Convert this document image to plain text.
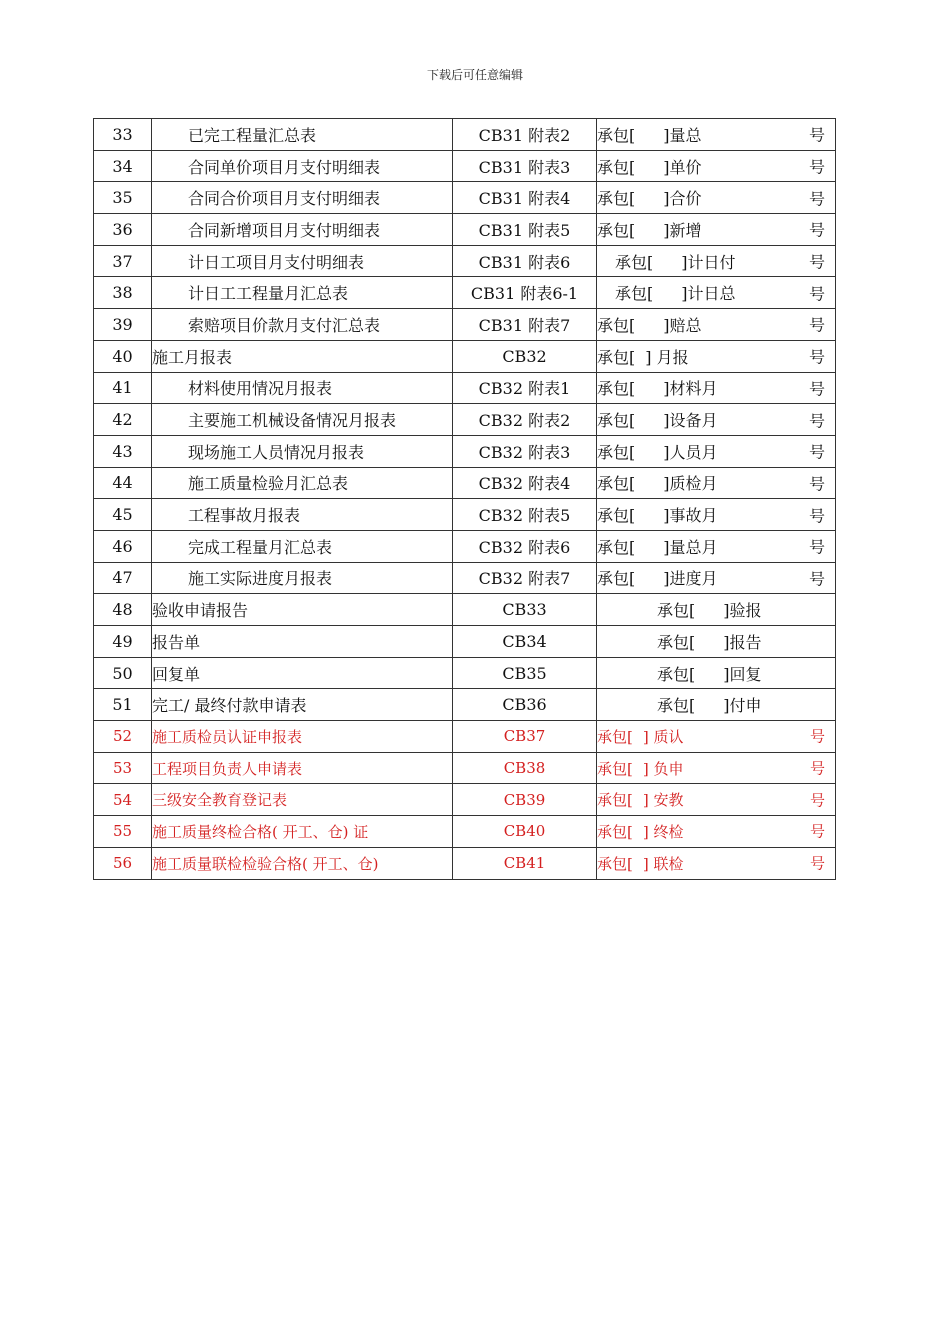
下载后可任意编辑
33	已完工程量汇总表	CB31 附表2	承包[ ]量总 号

34	合同单价项目月支付明细表	CB31 附表3	承包[ ]单价 号

35	合同合价项目月支付明细表	CB31 附表4	承包[ ]合价 号

36	合同新增项目月支付明细表	CB31 附表5	承包[ ]新增 号

37	计日工项目月支付明细表	CB31 附表6	承包[ ]计日付 号

38	计日工工程量月汇总表	CB31 附表6-1	承包[ ]计日总 号

39	索赔项目价款月支付汇总表	CB31 附表7	承包[ ]赔总 号

40	施工月报表	CB32	承包[ ] 月报 号

41	材料使用情况月报表	CB32 附表1	承包[ ]材料月 号

42	主要施工机械设备情况月报表	CB32 附表2	承包[ ]设备月 号

43	现场施工人员情况月报表	CB32 附表3	承包[ ]人员月 号

44	施工质量检验月汇总表	CB32 附表4	承包[ ]质检月 号

45	工程事故月报表	CB32 附表5	承包[ ]事故月 号

46	完成工程量月汇总表	CB32 附表6	承包[ ]量总月 号

47	施工实际进度月报表	CB32 附表7	承包[ ]进度月 号

48	验收申请报告	CB33	承包[ ]验报
49	报告单	CB34	承包[ ]报告
50	回复单	CB35	承包[ ]回复
51	完工/ 最终付款申请表	CB36	承包[ ]付申
52	施工质检员认证申报表	CB37	承包[ ] 质认 号

53	工程项目负责人申请表	CB38	承包[ ] 负申 号

54	三级安全教育登记表	CB39	承包[ ] 安教 号

55	施工质量终检合格( 开工、仓) 证	CB40	承包[ ] 终检 号

56	施工质量联检检验合格( 开工、仓)	CB41	承包[ ] 联检 号
